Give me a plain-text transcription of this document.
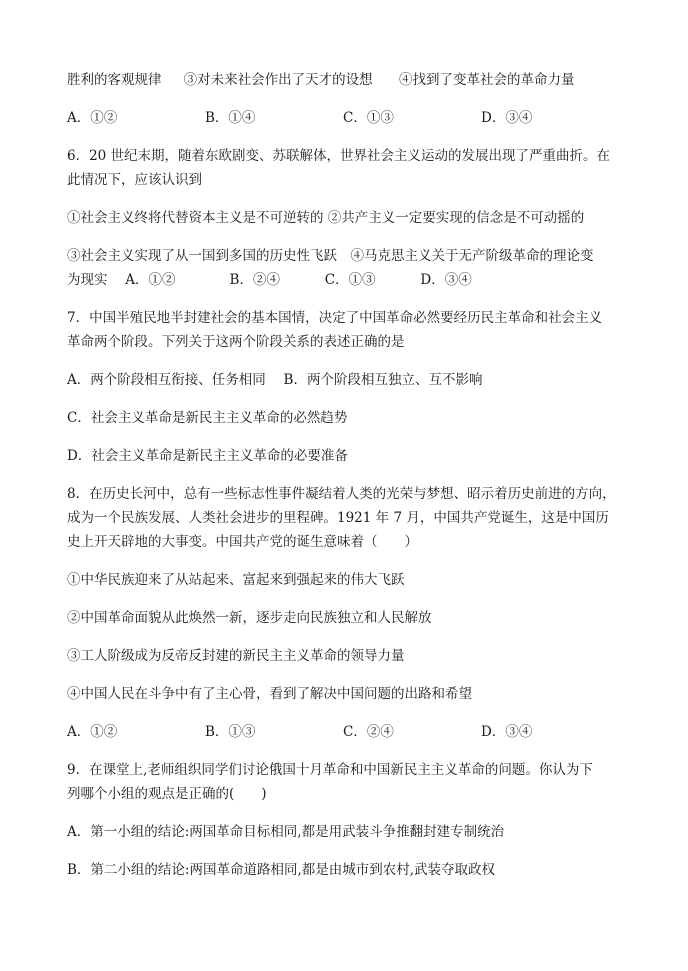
胜利的客观规律　  ③对未来社会作出了天才的设想　   ④找到了变革社会的革命力量
A．①②	B．①④	C．①③	D．③④
6．20 世纪末期，随着东欧剧变、苏联解体，世界社会主义运动的发展出现了严重曲折。在
此情况下，应该认识到
①社会主义终将代替资本主义是不可逆转的 ②共产主义一定要实现的信念是不可动摇的
③社会主义实现了从一国到多国的历史性飞跃　④马克思主义关于无产阶级革命的理论变
为现实　 A．①②　　　　B．②④　　　 C．①③　　　 D．③④
7．中国半殖民地半封建社会的基本国情，决定了中国革命必然要经历民主革命和社会主义
革命两个阶段。下列关于这两个阶段关系的表述正确的是
A．两个阶段相互衔接、任务相同　 B．两个阶段相互独立、互不影响
C．社会主义革命是新民主主义革命的必然趋势
D．社会主义革命是新民主主义革命的必要准备
8．在历史长河中，总有一些标志性事件凝结着人类的光荣与梦想、昭示着历史前进的方向，
成为一个民族发展、人类社会进步的里程碑。1921 年 7 月，中国共产党诞生，这是中国历
史上开天辟地的大事变。中国共产党的诞生意味着（　　）
①中华民族迎来了从站起来、富起来到强起来的伟大飞跃
②中国革命面貌从此焕然一新，逐步走向民族独立和人民解放
③工人阶级成为反帝反封建的新民主主义革命的领导力量
④中国人民在斗争中有了主心骨，看到了解决中国问题的出路和希望
A．①②	B．①③	C．②④	D．③④
9．在课堂上,老师组织同学们讨论俄国十月革命和中国新民主主义革命的问题。你认为下
列哪个小组的观点是正确的(　　)
A．第一小组的结论:两国革命目标相同,都是用武装斗争推翻封建专制统治
B．第二小组的结论:两国革命道路相同,都是由城市到农村,武装夺取政权
